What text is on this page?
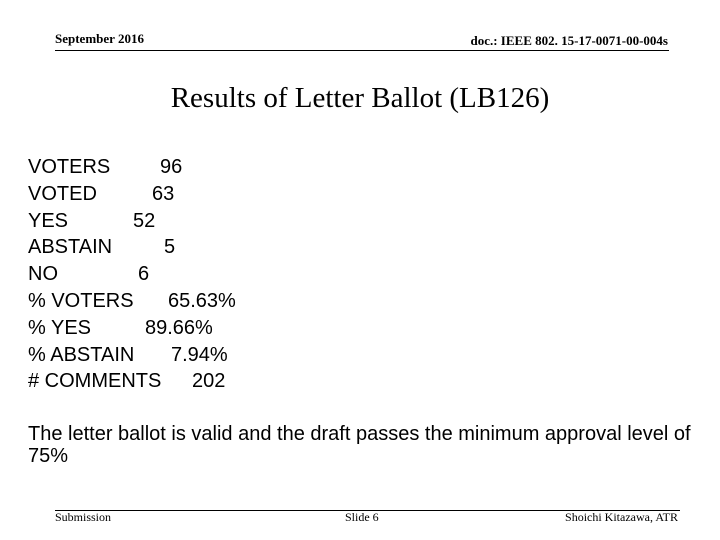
September 2016	doc.: IEEE 802. 15-17-0071-00-004s
Results of Letter Ballot (LB126)
VOTERS 96
VOTED	63
YES	52
ABSTAIN	5
NO	6
% VOTERS 65.63%
% YES	89.66%
% ABSTAIN 7.94%
# COMMENTS 202
The letter ballot is valid and the draft passes the minimum approval level of 75%
Submission	Slide 6	Shoichi Kitazawa, ATR
